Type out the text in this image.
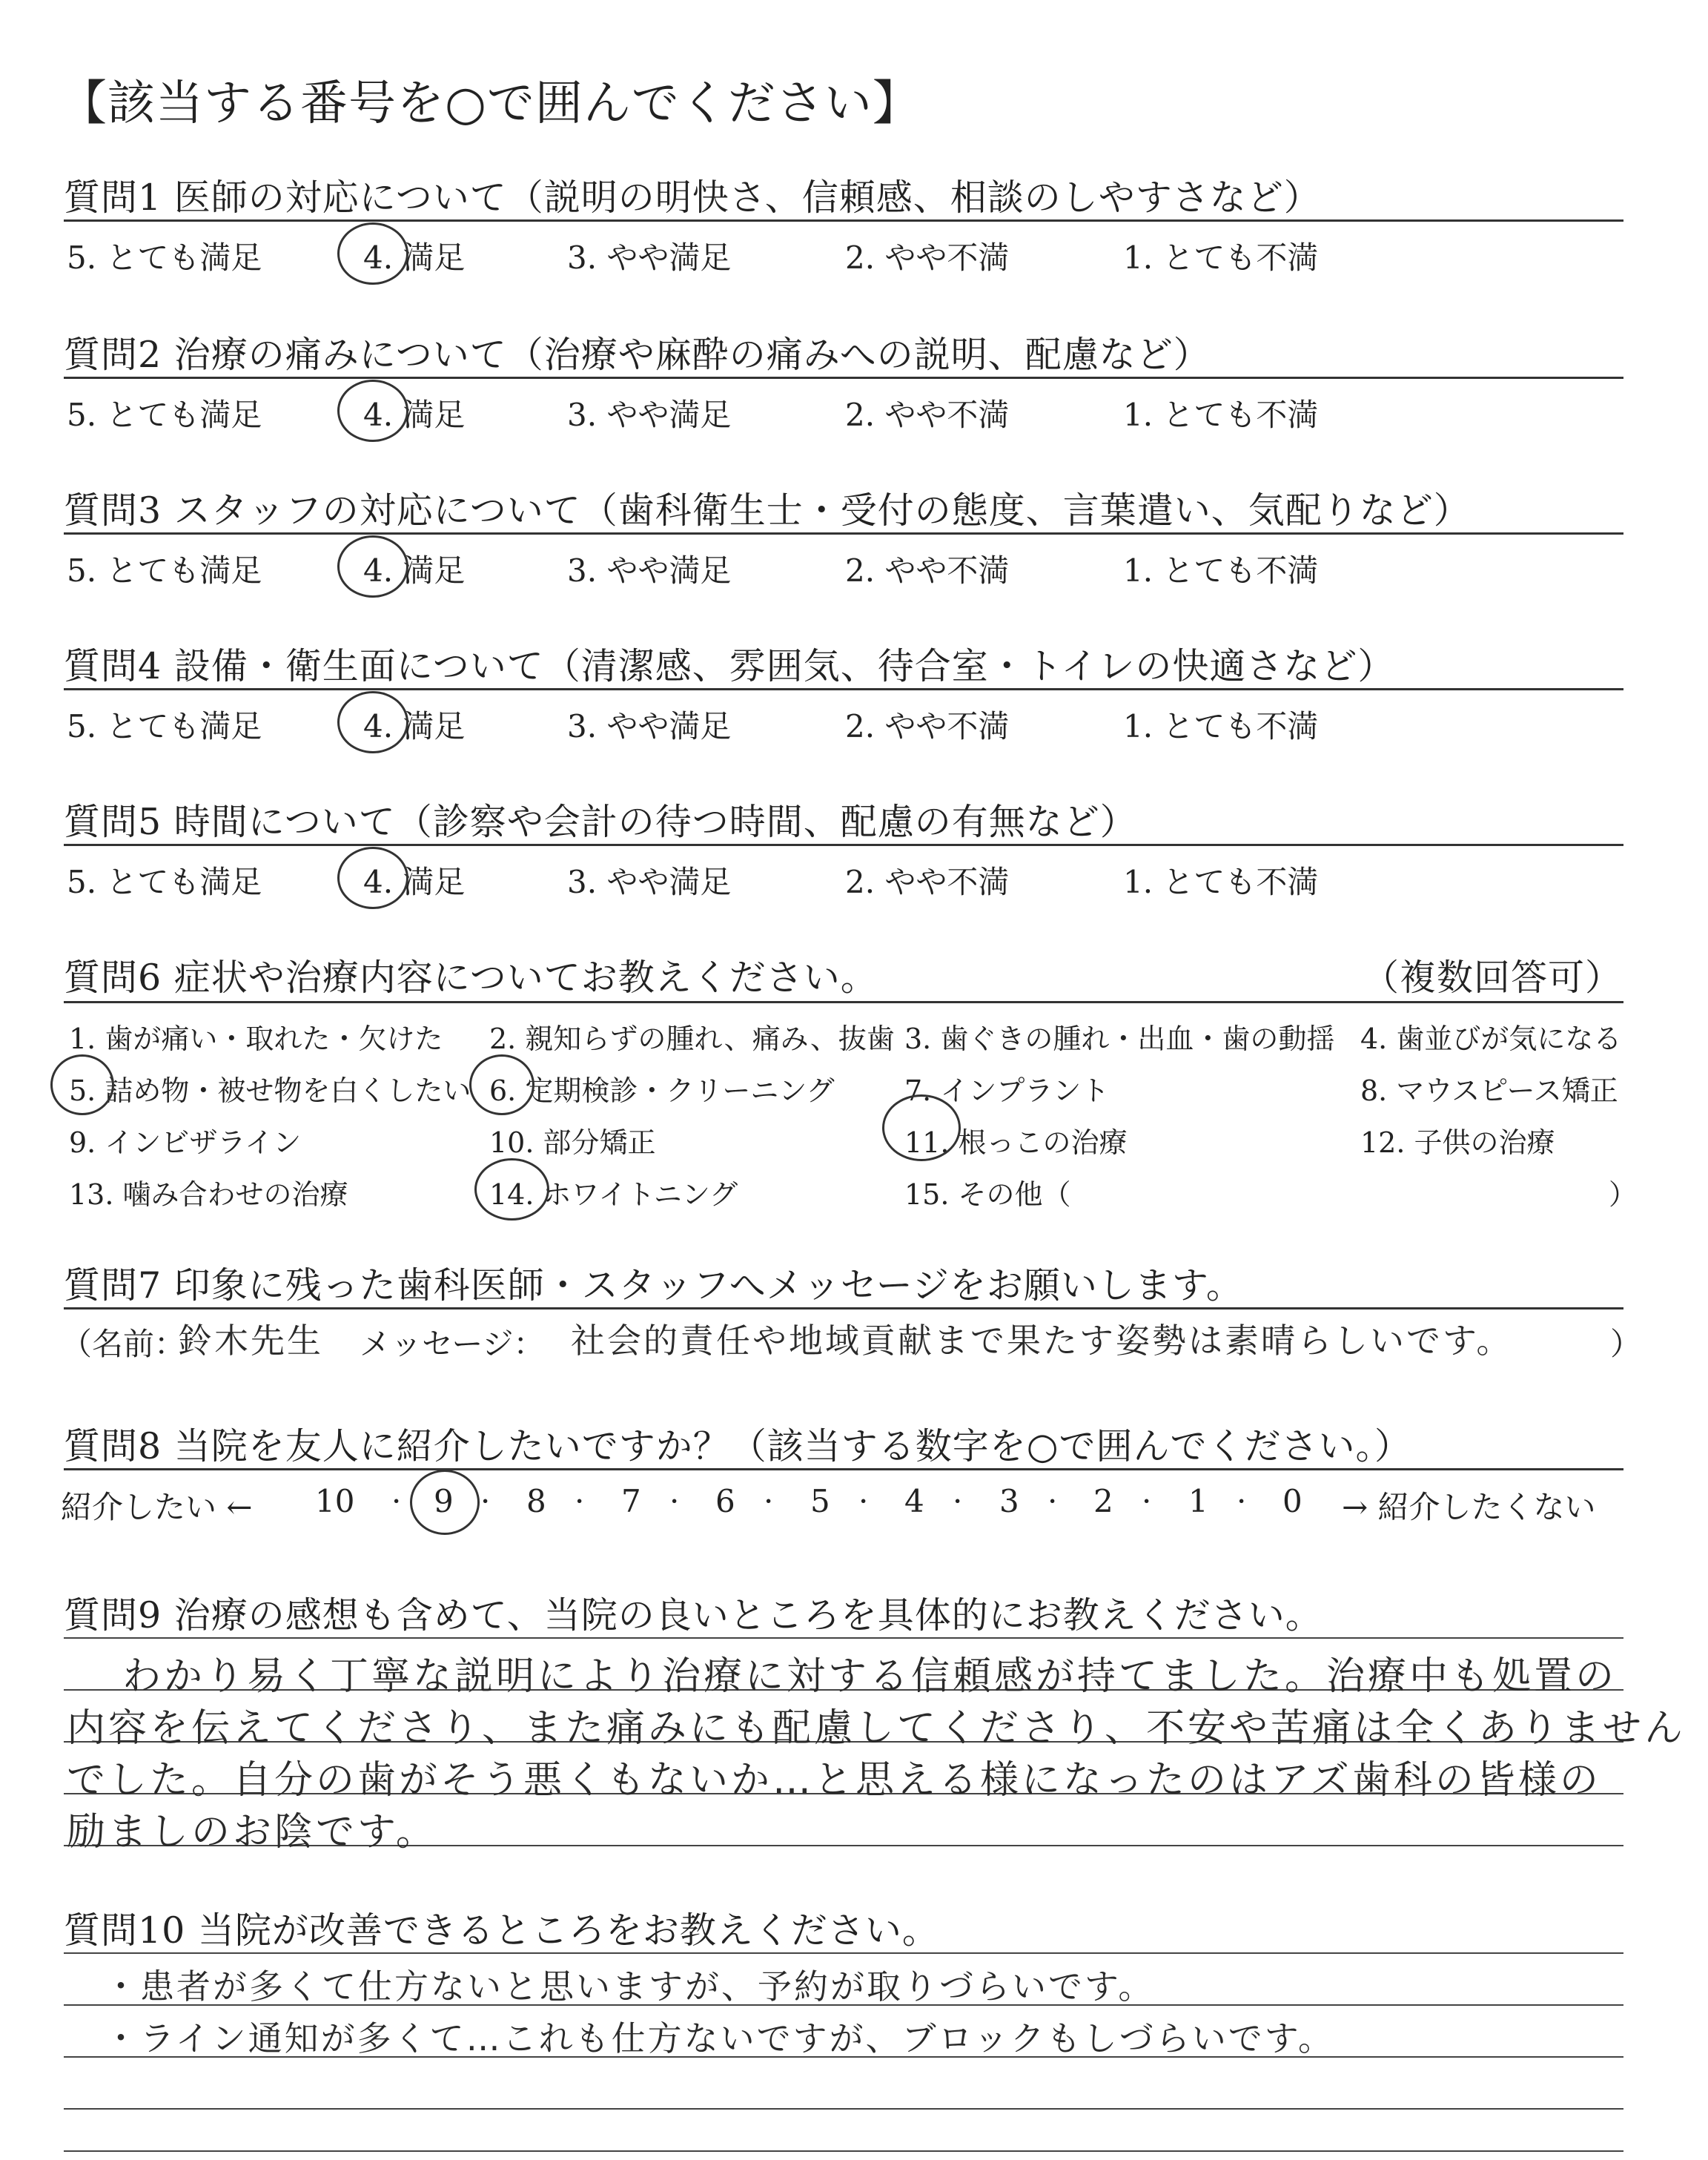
【該当する番号を○で囲んでください】
質問1 医師の対応について（説明の明快さ、信頼感、相談のしやすさなど）
5. とても満足	4. 満足	3. やや満足	2. やや不満	1. とても不満
質問2 治療の痛みについて（治療や麻酔の痛みへの説明、配慮など）
5. とても満足	4. 満足	3. やや満足	2. やや不満	1. とても不満
質問3 スタッフの対応について（歯科衛生士・受付の態度、言葉遣い、気配りなど）
5. とても満足	4. 満足	3. やや満足	2. やや不満	1. とても不満
質問4 設備・衛生面について（清潔感、雰囲気、待合室・トイレの快適さなど）
5. とても満足	4. 満足	3. やや満足	2. やや不満	1. とても不満
質問5 時間について（診察や会計の待つ時間、配慮の有無など）
5. とても満足	4. 満足	3. やや満足	2. やや不満	1. とても不満
質問6 症状や治療内容についてお教えください。	（複数回答可）
1. 歯が痛い・取れた・欠けた 2. 親知らずの腫れ、痛み、抜歯 3. 歯ぐきの腫れ・出血・歯の動揺 4. 歯並びが気になる
5. 詰め物・被せ物を白くしたい 6. 定期検診・クリーニング 7. インプラント	8. マウスピース矯正
9. インビザライン	10. 部分矯正	11. 根っこの治療	12. 子供の治療
13. 噛み合わせの治療	14. ホワイトニング	15. その他（	）
質問7 印象に残った歯科医師・スタッフへメッセージをお願いします。
（名前：
鈴木先生 メッセージ： 社会的責任や地域貢献まで果たす姿勢は素晴らしいです。	）
質問8 当院を友人に紹介したいですか？（該当する数字を○で囲んでください。）
紹介したい ← 10 · 9 · 8 · 7 · 6 · 5 · 4 · 3 · 2 · 1 · 0 → 紹介したくない
質問9 治療の感想も含めて、当院の良いところを具体的にお教えください。
わかり易く丁寧な説明により治療に対する信頼感が持てました。治療中も処置の
内容を伝えてくださり、また痛みにも配慮してくださり、不安や苦痛は全くありません
でした。自分の歯がそう悪くもないか…と思える様になったのはアズ歯科の皆様の
励ましのお陰です。
質問10 当院が改善できるところをお教えください。
・患者が多くて仕方ないと思いますが、予約が取りづらいです。
・ライン通知が多くて…これも仕方ないですが、ブロックもしづらいです。
